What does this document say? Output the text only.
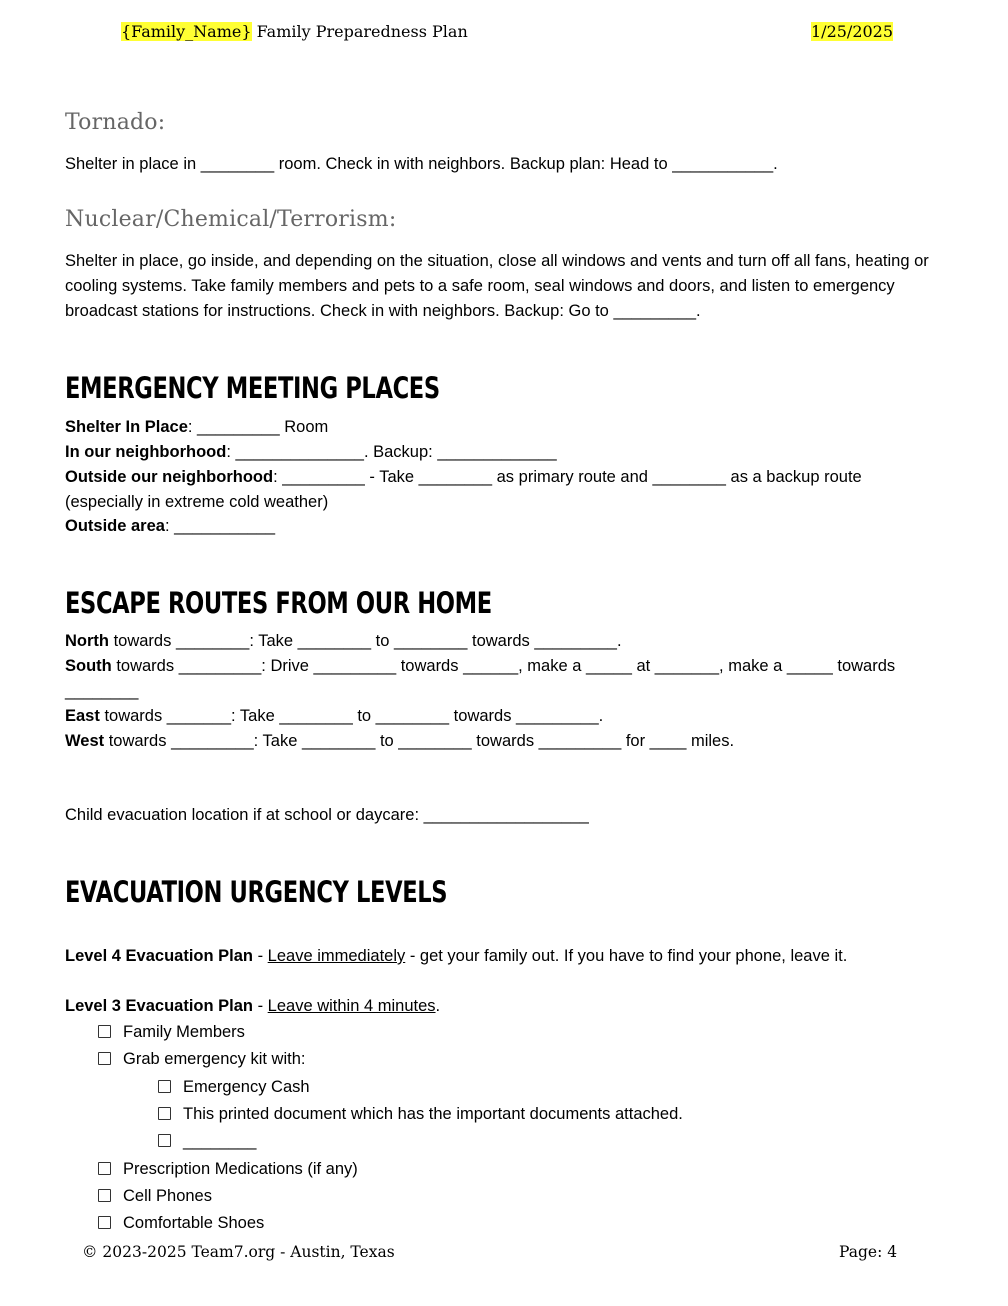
{Family_Name} Family Preparedness Plan	1/25/2025
Tornado:

Shelter in place in ________ room. Check in with neighbors. Backup plan: Head to ___________.

Nuclear/Chemical/Terrorism:

Shelter in place, go inside, and depending on the situation, close all windows and vents and turn off all fans, heating or cooling systems. Take family members and pets to a safe room, seal windows and doors, and listen to emergency broadcast stations for instructions. Check in with neighbors. Backup: Go to _________.

EMERGENCY MEETING PLACES
Shelter In Place: _________ Room
In our neighborhood: ______________. Backup: _____________

Outside our neighborhood: _________ - Take ________ as primary route and ________ as a backup route (especially in extreme cold weather)

Outside area: ___________
ESCAPE ROUTES FROM OUR HOME
North towards ________: Take ________ to ________ towards _________.

South towards _________: Drive _________ towards ______, make a _____ at _______, make a _____ towards ________

East towards _______: Take ________ to ________ towards _________.
West towards _________: Take ________ to ________ towards _________ for ____ miles.
Child evacuation location if at school or daycare: __________________
EVACUATION URGENCY LEVELS
Level 4 Evacuation Plan - Leave immediately - get your family out. If you have to find your phone, leave it.
Level 3 Evacuation Plan - Leave within 4 minutes.
Family Members
Grab emergency kit with:
Emergency Cash
This printed document which has the important documents attached.
________
Prescription Medications (if any)
Cell Phones
Comfortable Shoes
© 2023-2025 Team7.org - Austin, Texas	Page: 4
